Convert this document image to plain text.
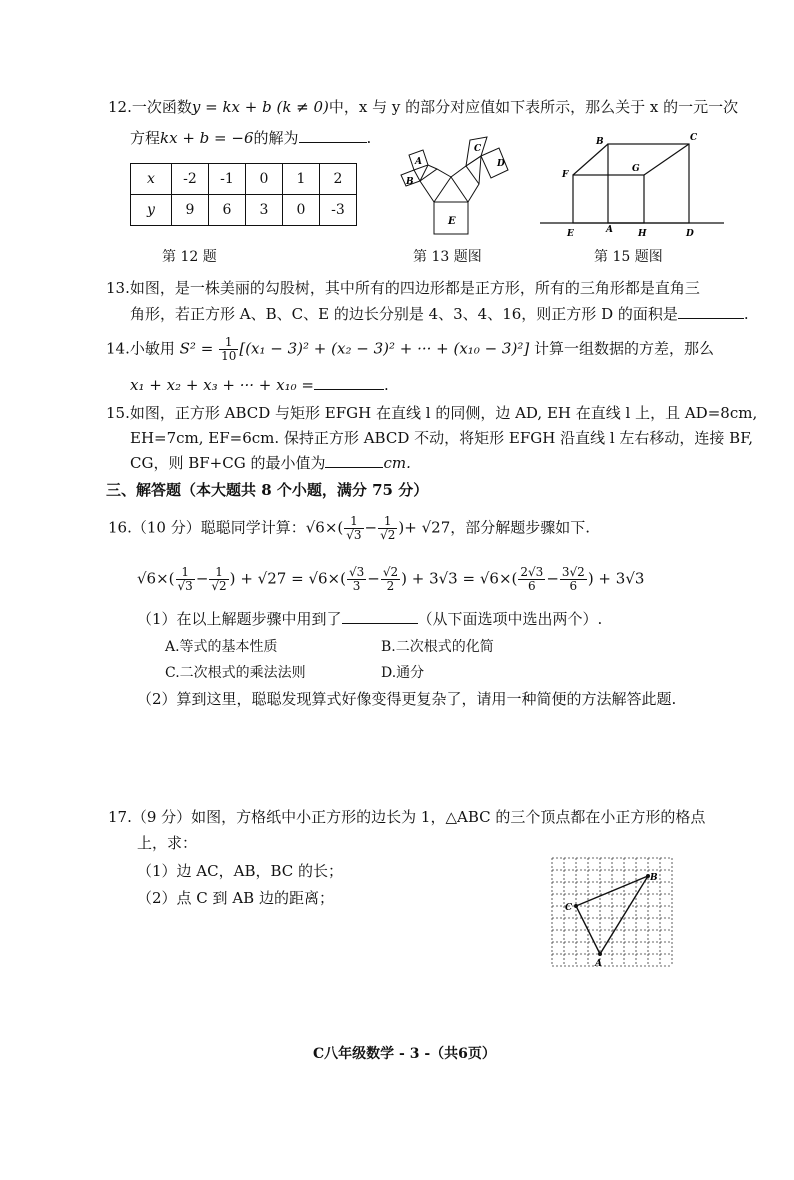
12.一次函数y = kx + b (k ≠ 0)中，x 与 y 的部分对应值如下表所示，那么关于 x 的一元一次
方程kx + b = −6的解为	.
x	-2	-1	0	1	2
y	9	6	3	0	-3
第 12 题
E
A
B
C
D
第 13 题图
B	C
F
G
E	A	H	D
第 15 题图
13.如图，是一株美丽的勾股树，其中所有的四边形都是正方形，所有的三角形都是直角三
角形，若正方形 A、B、C、E 的边长分别是 4、3、4、16，则正方形 D 的面积是	.
14.小敏用 $S^2 = \frac{1}{10} [(x_1 - 3)^2 + (x_2 - 3)^2$ + ··· + (x₁₀ − 3)²] 计算一组数据的方差，那么
x₁ + x₂ + x₃ + ··· + x₁₀ =	.
15.如图，正方形 ABCD 与矩形 EFGH 在直线 l 的同侧，边 AD, EH 在直线 l 上，且 AD=8cm,
EH=7cm, EF=6cm. 保持正方形 ABCD 不动，将矩形 EFGH 沿直线 l 左右移动，连接 BF,
CG，则 BF+CG 的最小值为	cm.
三、解答题（本大题共 8 个小题，满分 75 分）
16.（10 分）聪聪同学计算：$√6\times( \frac{1}{√3} - \frac{1}{√2}$ )+ √27，部分解题步骤如下.
$√6\times( \frac{1}{√3} - \frac{1}{√2}$ ) + $√27 = √6\times( \frac{√3}{3} - \frac{√2}{2}$ ) + $3√3 = √6\times( \frac{2√3}{6} - \frac{3√2}{6}$ ) + 3√3
（1）在以上解题步骤中用到了	（从下面选项中选出两个）.
A.等式的基本性质	B.二次根式的化简
C.二次根式的乘法法则	D.通分
（2）算到这里，聪聪发现算式好像变得更复杂了，请用一种简便的方法解答此题.
17.（9 分）如图，方格纸中小正方形的边长为 1，△ABC 的三个顶点都在小正方形的格点
上，求：
（1）边 AC，AB，BC 的长；
（2）点 C 到 AB 边的距离；
C
B
A
C八年级数学 - 3 -（共6页）
